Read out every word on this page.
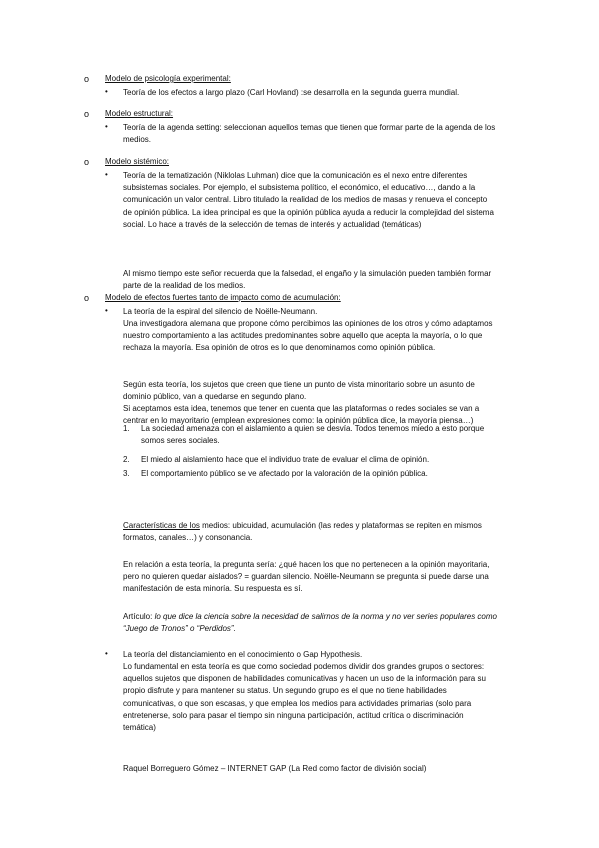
o Modelo de psicología experimental:
• Teoría de los efectos a largo plazo (Carl Hovland) :se desarrolla en la segunda guerra mundial.
o Modelo estructural:
• Teoría de la agenda setting: seleccionan aquellos temas que tienen que formar parte de la agenda de los medios.
o Modelo sistémico:
• Teoría de la tematización (Niklolas Luhman) dice que la comunicación es el nexo entre diferentes subsistemas sociales. Por ejemplo, el subsistema político, el económico, el educativo…, dando a la comunicación un valor central. Libro titulado la realidad de los medios de masas y renueva el concepto de opinión pública. La idea principal es que la opinión pública ayuda a reducir la complejidad del sistema social. Lo hace a través de la selección de temas de interés y actualidad (temáticas)
Al mismo tiempo este señor recuerda que la falsedad, el engaño y la simulación pueden también formar parte de la realidad de los medios.
o Modelo de efectos fuertes tanto de impacto como de acumulación:
• La teoría de la espiral del silencio de Noëlle-Neumann.
Una investigadora alemana que propone cómo percibimos las opiniones de los otros y cómo adaptamos nuestro comportamiento a las actitudes predominantes sobre aquello que acepta la mayoría, o lo que rechaza la mayoría. Esa opinión de otros es lo que denominamos como opinión pública.
Según esta teoría, los sujetos que creen que tiene un punto de vista minoritario sobre un asunto de dominio público, van a quedarse en segundo plano.
Si aceptamos esta idea, tenemos que tener en cuenta que las plataformas o redes sociales se van a centrar en lo mayoritario (emplean expresiones como: la opinión pública dice, la mayoría piensa…)
1. La sociedad amenaza con el aislamiento a quien se desvía. Todos tenemos miedo a esto porque somos seres sociales.
2. El miedo al aislamiento hace que el individuo trate de evaluar el clima de opinión.
3. El comportamiento público se ve afectado por la valoración de la opinión pública.
Características de los medios: ubicuidad, acumulación (las redes y plataformas se repiten en mismos formatos, canales…) y consonancia.
En relación a esta teoría, la pregunta sería: ¿qué hacen los que no pertenecen a la opinión mayoritaria, pero no quieren quedar aislados? = guardan silencio. Noëlle-Neumann se pregunta si puede darse una manifestación de esta minoría. Su respuesta es sí.
Artículo: lo que dice la ciencia sobre la necesidad de salirnos de la norma y no ver series populares como “Juego de Tronos” o “Perdidos”.
• La teoría del distanciamiento en el conocimiento o Gap Hypothesis.
Lo fundamental en esta teoría es que como sociedad podemos dividir dos grandes grupos o sectores: aquellos sujetos que disponen de habilidades comunicativas y hacen un uso de la información para su propio disfrute y para mantener su status. Un segundo grupo es el que no tiene habilidades comunicativas, o que son escasas, y que emplea los medios para actividades primarias (solo para entretenerse, solo para pasar el tiempo sin ninguna participación, actitud crítica o discriminación temática)
Raquel Borreguero Gómez – INTERNET GAP (La Red como factor de división social)
